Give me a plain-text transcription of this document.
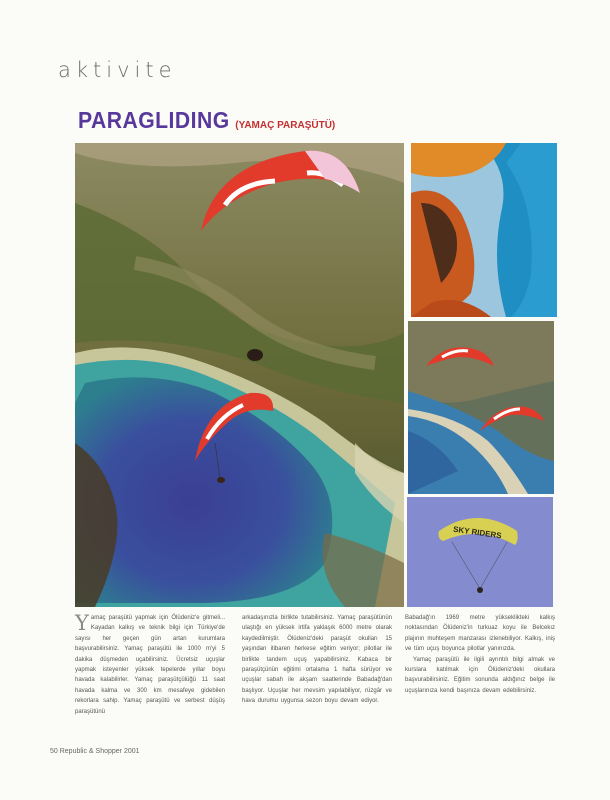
aktivite
PARAGLIDING (YAMAÇ PARAŞÜTÜ)
SKY RIDERS
Y amaç paraşütü yapmak için Ölüdeniz'e gitmeli... Kayadan kalkış ve teknik bilgi için Türkiye'de sayısı her geçen gün artan kurumlara başvurabilirsiniz. Yamaç paraşütü ile 1000 m'yi 5 dakika düşmeden uçabilirsiniz. Ücretsiz uçuşlar yapmak isteyenler yüksek tepelerde yıllar boyu havada kalabilirler. Yamaç paraşütçülüğü 11 saat havada kalma ve 300 km mesafeye gidebilen rekorlara sahip. Yamaç paraşütü ve serbest düşüş paraşütünü

arkadaşınızla birlikte tutabilirsiniz. Yamaç paraşütünün ulaştığı en yüksek irtifa yaklaşık 6000 metre olarak kaydedilmiştir. Ölüdeniz'deki paraşüt okulları 15 yaşından itibaren herkese eğitim veriyor; pilotlar ile birlikte tandem uçuş yapabilirsiniz. Kabaca bir paraşütçünün eğitimi ortalama 1 hafta sürüyor ve uçuşlar sabah ile akşam saatlerinde Babadağ'dan başlıyor. Uçuşlar her mevsim yapılabiliyor, rüzgâr ve hava durumu uygunsa sezon boyu devam ediyor.

Babadağ'ın 1969 metre yükseklikteki kalkış noktasından Ölüdeniz'in turkuaz koyu ile Belcekız plajının muhteşem manzarası izlenebiliyor. Kalkış, iniş ve tüm uçuş boyunca pilotlar yanınızda.

Yamaç paraşütü ile ilgili ayrıntılı bilgi almak ve kurslara katılmak için Ölüdeniz'deki okullara başvurabilirsiniz. Eğitim sonunda aldığınız belge ile uçuşlarınıza kendi başınıza devam edebilirsiniz.

50 Republic & Shopper 2001
